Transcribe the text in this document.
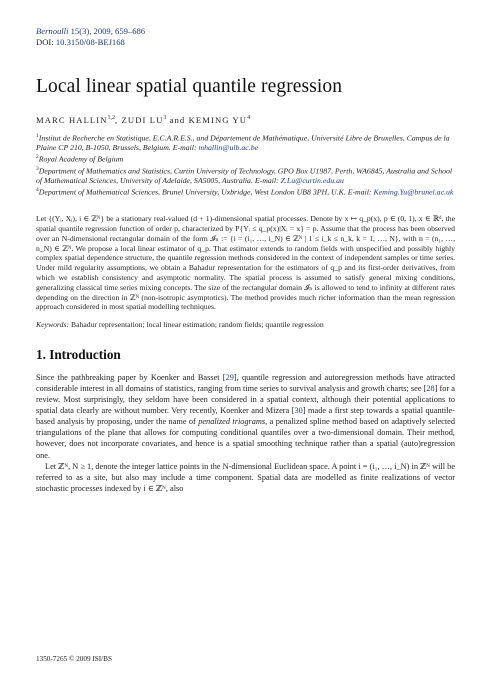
Bernoulli 15(3), 2009, 659–686
DOI: 10.3150/08-BEJ168
Local linear spatial quantile regression
MARC HALLIN$^{1,2}$, ZUDI $LU^3$ and KEMING $YU^4$

$^1$Institut de Recherche en Statistique, E.C.A.R.E.S., and Département de Mathématique, Université Libre de Bruxelles, Campus de la Plaine CP 210, B-1050, Brussels, Belgium. E-mail: mhallin@ulb.ac.be

$^2$Royal Academy of Belgium

$^3$Department of Mathematics and Statistics, Curtin University of Technology, GPO Box U1987, Perth, WA6845, Australia and School of Mathematical Sciences, University of Adelaide, SA5005, Australia. E-mail: Z.Lu@curtin.edu.au

$^4$Department of Mathematical Sciences, Brunel University, Uxbridge, West London UB8 3PH, U.K. E-mail: Keming.Yu@brunel.ac.uk

Let {(Yᵢ, Xᵢ), i ∈ ℤᴺ} be a stationary real-valued (d + 1)-dimensional spatial processes. Denote by x ↦ q_p(x), p ∈ (0, 1), x ∈ ℝᵈ, the spatial quantile regression function of order p, characterized by P{Yᵢ ≤ q_p(x)|Xᵢ = x} = p. Assume that the process has been observed over an N-dimensional rectangular domain of the form 𝓘ₙ := {i = (i₁, …, i_N) ∈ ℤᴺ | 1 ≤ i_k ≤ n_k, k = 1, …, N}, with n = (n₁, …, n_N) ∈ ℤᴺ. We propose a local linear estimator of q_p. That estimator extends to random fields with unspecified and possibly highly complex spatial dependence structure, the quantile regression methods considered in the context of independent samples or time series. Under mild regularity assumptions, we obtain a Bahadur representation for the estimators of q_p and its first-order derivatives, from which we establish consistency and asymptotic normality. The spatial process is assumed to satisfy general mixing conditions, generalizing classical time series mixing concepts. The size of the rectangular domain 𝓘ₙ is allowed to tend to infinity at different rates depending on the direction in ℤᴺ (non-isotropic asymptotics). The method provides much richer information than the mean regression approach considered in most spatial modelling techniques.
Keywords: Bahadur representation; local linear estimation; random fields; quantile regression
1. Introduction

Since the pathbreaking paper by Koenker and Basset [29], quantile regression and autoregression methods have attracted considerable interest in all domains of statistics, ranging from time series to survival analysis and growth charts; see [28] for a review. Most surprisingly, they seldom have been considered in a spatial context, although their potential applications to spatial data clearly are without number. Very recently, Koenker and Mizera [30] made a first step towards a spatial quantile-based analysis by proposing, under the name of penalized triograms, a penalized spline method based on adaptively selected triangulations of the plane that allows for computing conditional quantiles over a two-dimensional domain. Their method, however, does not incorporate covariates, and hence is a spatial smoothing technique rather than a spatial (auto)regression one.

Let ℤᴺ, N ≥ 1, denote the integer lattice points in the N-dimensional Euclidean space. A point i = (i₁, …, i_N) in ℤᴺ will be referred to as a site, but also may include a time component. Spatial data are modelled as finite realizations of vector stochastic processes indexed by i ∈ ℤᴺ, also

1350-7265 © 2009 ISI/BS
